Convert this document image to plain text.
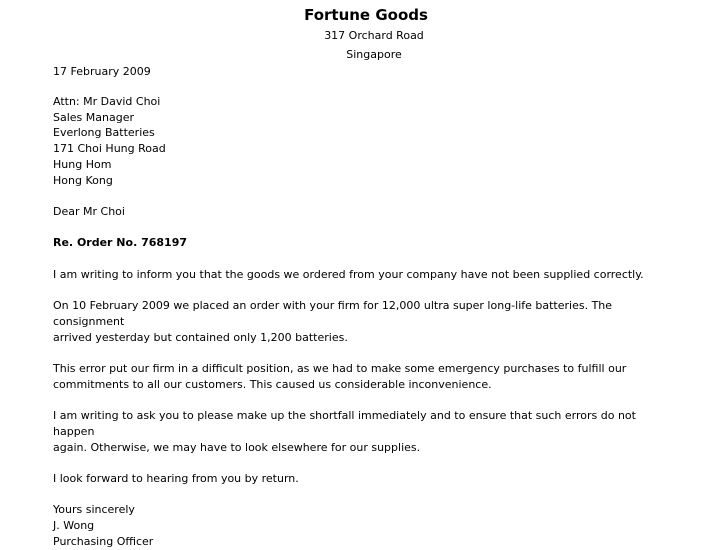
Fortune Goods
317 Orchard Road
Singapore

17 February 2009

Attn: Mr David Choi

Sales Manager

Everlong Batteries

171 Choi Hung Road

Hung Hom

Hong Kong

Dear Mr Choi

Re. Order No. 768197

I am writing to inform you that the goods we ordered from your company have not been supplied correctly.

On 10 February 2009 we placed an order with your firm for 12,000 ultra super long-life batteries. The consignment

arrived yesterday but contained only 1,200 batteries.

This error put our firm in a difficult position, as we had to make some emergency purchases to fulfill our

commitments to all our customers. This caused us considerable inconvenience.

I am writing to ask you to please make up the shortfall immediately and to ensure that such errors do not happen

again. Otherwise, we may have to look elsewhere for our supplies.

I look forward to hearing from you by return.

Yours sincerely

J. Wong

Purchasing Officer
